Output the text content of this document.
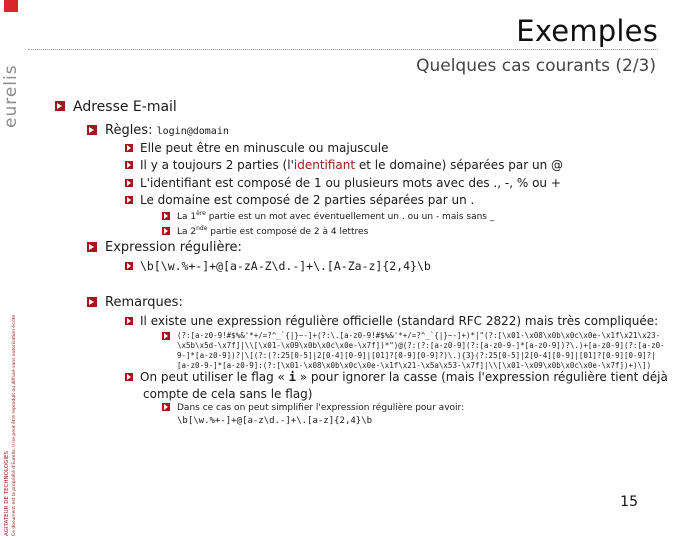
eurelis
AGITATEUR DE TECHNOLOGIES Ce document est la propriété d'Eurelis. Il ne peut être reproduit ou diffusé sans autorisation écrite
Exemples
Quelques cas courants (2/3)
Adresse E-mail
Règles: login@domain
Elle peut être en minuscule ou majuscule
Il y a toujours 2 parties (l'identifiant et le domaine) séparées par un @
L'identifiant est composé de 1 ou plusieurs mots avec des ., -, % ou +
Le domaine est composé de 2 parties séparées par un .
La 1ère partie est un mot avec éventuellement un . ou un - mais sans _
La 2nde partie est composé de 2 à 4 lettres
Expression régulière:
\b[\w.%+-]+@[a-zA-Z\d.-]+\.[A-Za-z]{2,4}\b
Remarques:
Il existe une expression régulière officielle (standard RFC 2822) mais très compliquée:
(?:[a-z0-9!#$%&'*+/=?^_`{|}~-]+(?:\.[a-z0-9!#$%&'*+/=?^_`{|}~-]+)*|"(?:[\x01-\x08\x0b\x0c\x0e-\x1f\x21\x23-\x5b\x5d-\x7f]|\\[\x01-\x09\x0b\x0c\x0e-\x7f])*")@(?:(?:[a-z0-9](?:[a-z0-9-]*[a-z0-9])?\.)+[a-z0-9](?:[a-z0-9-]*[a-z0-9])?|\[(?:(?:25[0-5]|2[0-4][0-9]|[01]?[0-9][0-9]?)\.){3}(?:25[0-5]|2[0-4][0-9]|[01]?[0-9][0-9]?|[a-z0-9-]*[a-z0-9]:(?:[\x01-\x08\x0b\x0c\x0e-\x1f\x21-\x5a\x53-\x7f]|\\[\x01-\x09\x0b\x0c\x0e-\x7f])+)\])
On peut utiliser le flag « i » pour ignorer la casse (mais l'expression régulière tient déjà
compte de cela sans le flag)
Dans ce cas on peut simplifier l'expression régulière pour avoir:
\b[\w.%+-]+@[a-z\d.-]+\.[a-z]{2,4}\b
15
